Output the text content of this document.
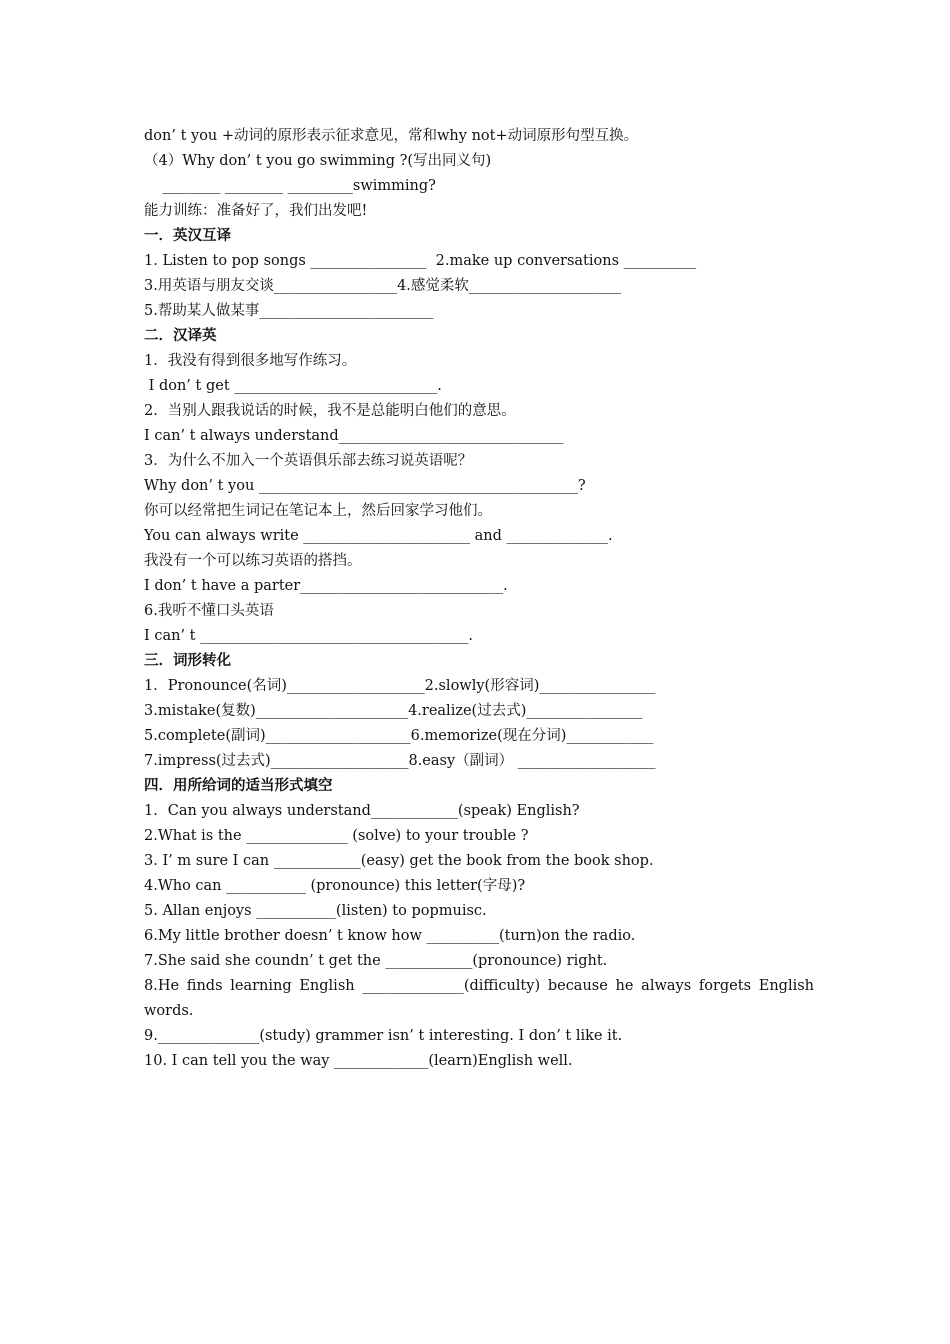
don’ t you +动词的原形表示征求意见，常和why not+动词原形句型互换。
（4）Why don’ t you go swimming ?(写出同义句)
________ ________ _________swimming?
能力训练：准备好了，我们出发吧!
一．英汉互译
1. Listen to pop songs ________________  2.make up conversations __________
3.用英语与朋友交谈_________________4.感觉柔软_____________________
5.帮助某人做某事________________________
二．汉译英
1．我没有得到很多地写作练习。
I don’ t get ____________________________.
2．当别人跟我说话的时候，我不是总能明白他们的意思。
I can’ t always understand_______________________________
3．为什么不加入一个英语俱乐部去练习说英语呢？
Why don’ t you ____________________________________________?
你可以经常把生词记在笔记本上，然后回家学习他们。
You can always write _______________________ and ______________.
我没有一个可以练习英语的搭挡。
I don’ t have a parter____________________________.
6.我听不懂口头英语
I can’ t _____________________________________.
三．词形转化
1．Pronounce(名词)___________________2.slowly(形容词)________________
3.mistake(复数)_____________________4.realize(过去式)________________
5.complete(副词)____________________6.memorize(现在分词)____________
7.impress(过去式)___________________8.easy（副词） ___________________
四．用所给词的适当形式填空
1．Can you always understand____________(speak) English?
2.What is the ______________ (solve) to your trouble ?
3. I’ m sure I can ____________(easy) get the book from the book shop.
4.Who can ___________ (pronounce) this letter(字母)?
5. Allan enjoys ___________(listen) to popmuisc.
6.My little brother doesn’ t know how __________(turn)on the radio.
7.She said she coundn’ t get the ____________(pronounce) right.
8.He finds learning English ______________(difficulty) because he always forgets English words.
9.______________(study) grammer isn’ t interesting. I don’ t like it.
10. I can tell you the way _____________(learn)English well.
